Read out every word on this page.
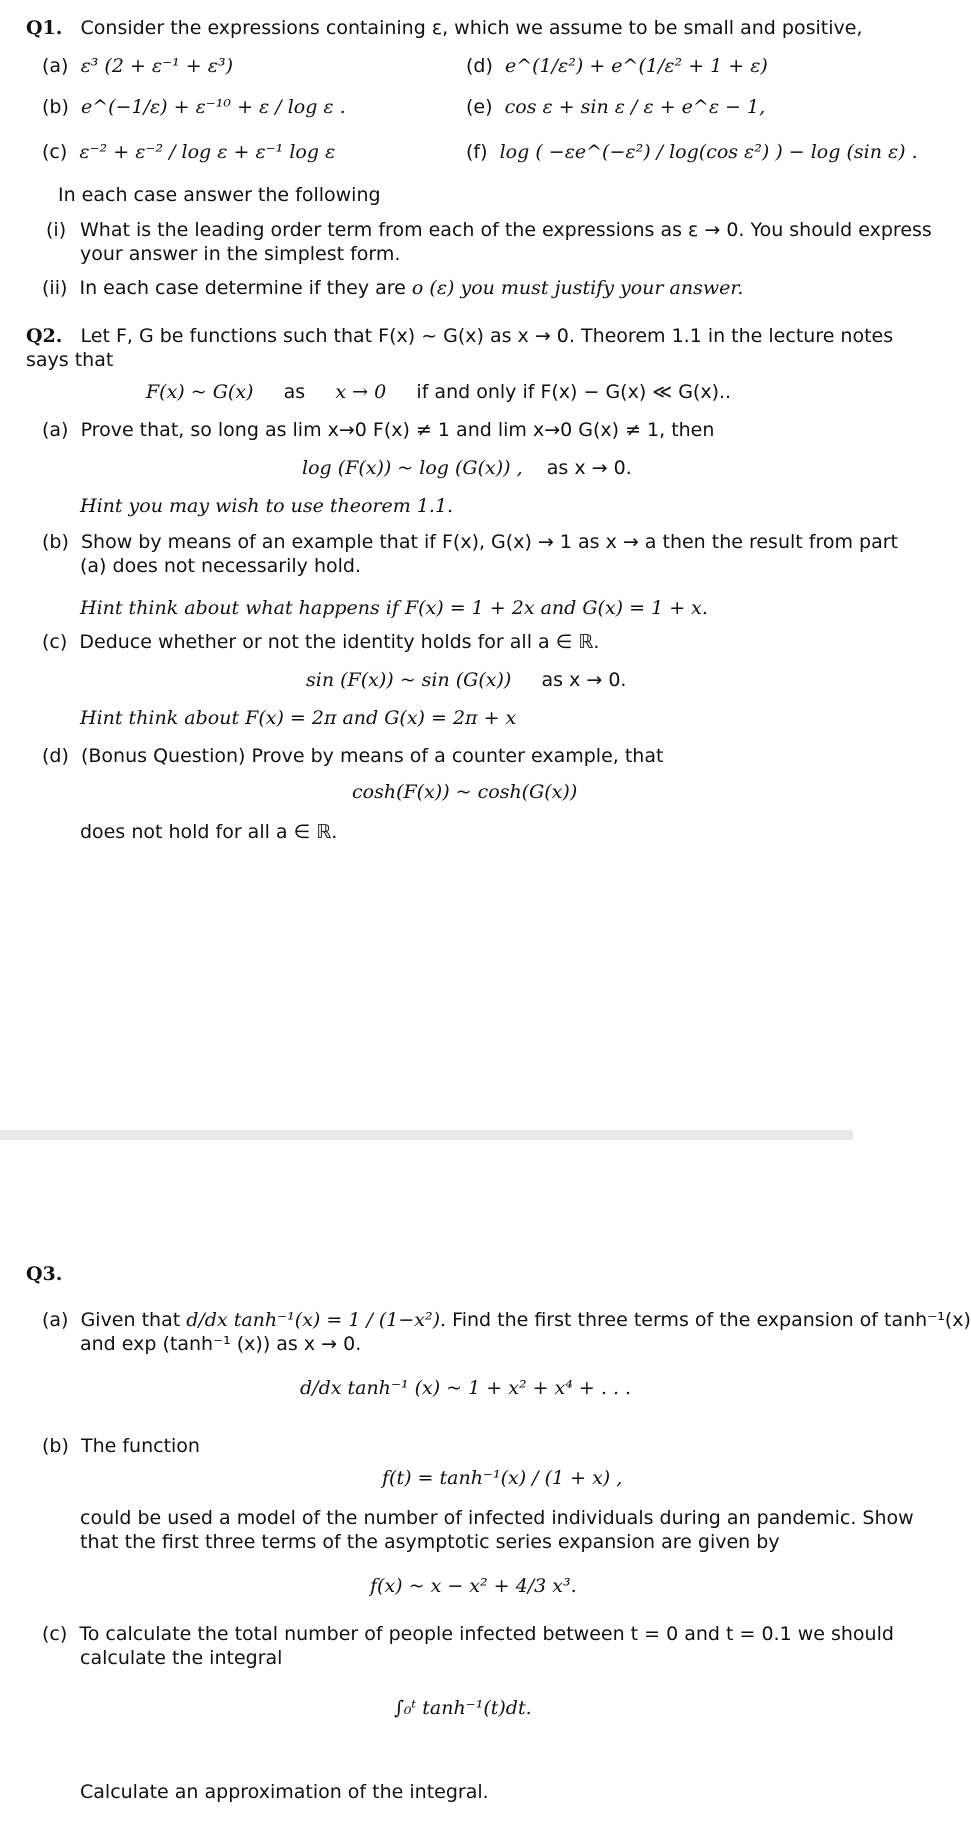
Q1. Consider the expressions containing ε, which we assume to be small and positive,
(a) ε³ (2 + ε⁻¹ + ε³)
(b) e^(−1/ε) + ε⁻¹⁰ + ε / log ε .
(c) ε⁻² + ε⁻² / log ε + ε⁻¹ log ε
(d) e^(1/ε²) + e^(1/ε² + 1 + ε)
(e) cos ε + sin ε / ε + e^ε − 1,
(f) log ( −εe^(−ε²) / log(cos ε²) ) − log (sin ε) .
In each case answer the following
(i) What is the leading order term from each of the expressions as ε → 0. You should express
your answer in the simplest form.
(ii) In each case determine if they are o (ε) you must justify your answer.
Q2. Let F, G be functions such that F(x) ~ G(x) as x → 0. Theorem 1.1 in the lecture notes
says that
F(x) ~ G(x) as x → 0 if and only if F(x) − G(x) ≪ G(x)..
(a) Prove that, so long as lim x→0 F(x) ≠ 1 and lim x→0 G(x) ≠ 1, then
log (F(x)) ~ log (G(x)) , as x → 0.
Hint you may wish to use theorem 1.1.
(b) Show by means of an example that if F(x), G(x) → 1 as x → a then the result from part
(a) does not necessarily hold.
Hint think about what happens if F(x) = 1 + 2x and G(x) = 1 + x.
(c) Deduce whether or not the identity holds for all a ∈ ℝ.
sin (F(x)) ~ sin (G(x)) as x → 0.
Hint think about F(x) = 2π and G(x) = 2π + x
(d) (Bonus Question) Prove by means of a counter example, that
cosh(F(x)) ~ cosh(G(x))
does not hold for all a ∈ ℝ.
Q3.
(a) Given that d/dx tanh⁻¹(x) = 1 / (1−x²). Find the first three terms of the expansion of tanh⁻¹(x)
and exp (tanh⁻¹ (x)) as x → 0.
d/dx tanh⁻¹ (x) ~ 1 + x² + x⁴ + . . .
(b) The function
f(t) = tanh⁻¹(x) / (1 + x) ,
could be used a model of the number of infected individuals during an pandemic. Show
that the first three terms of the asymptotic series expansion are given by
f(x) ~ x − x² + 4/3 x³.
(c) To calculate the total number of people infected between t = 0 and t = 0.1 we should
calculate the integral
∫₀ᵗ tanh⁻¹(t)dt.
Calculate an approximation of the integral.
